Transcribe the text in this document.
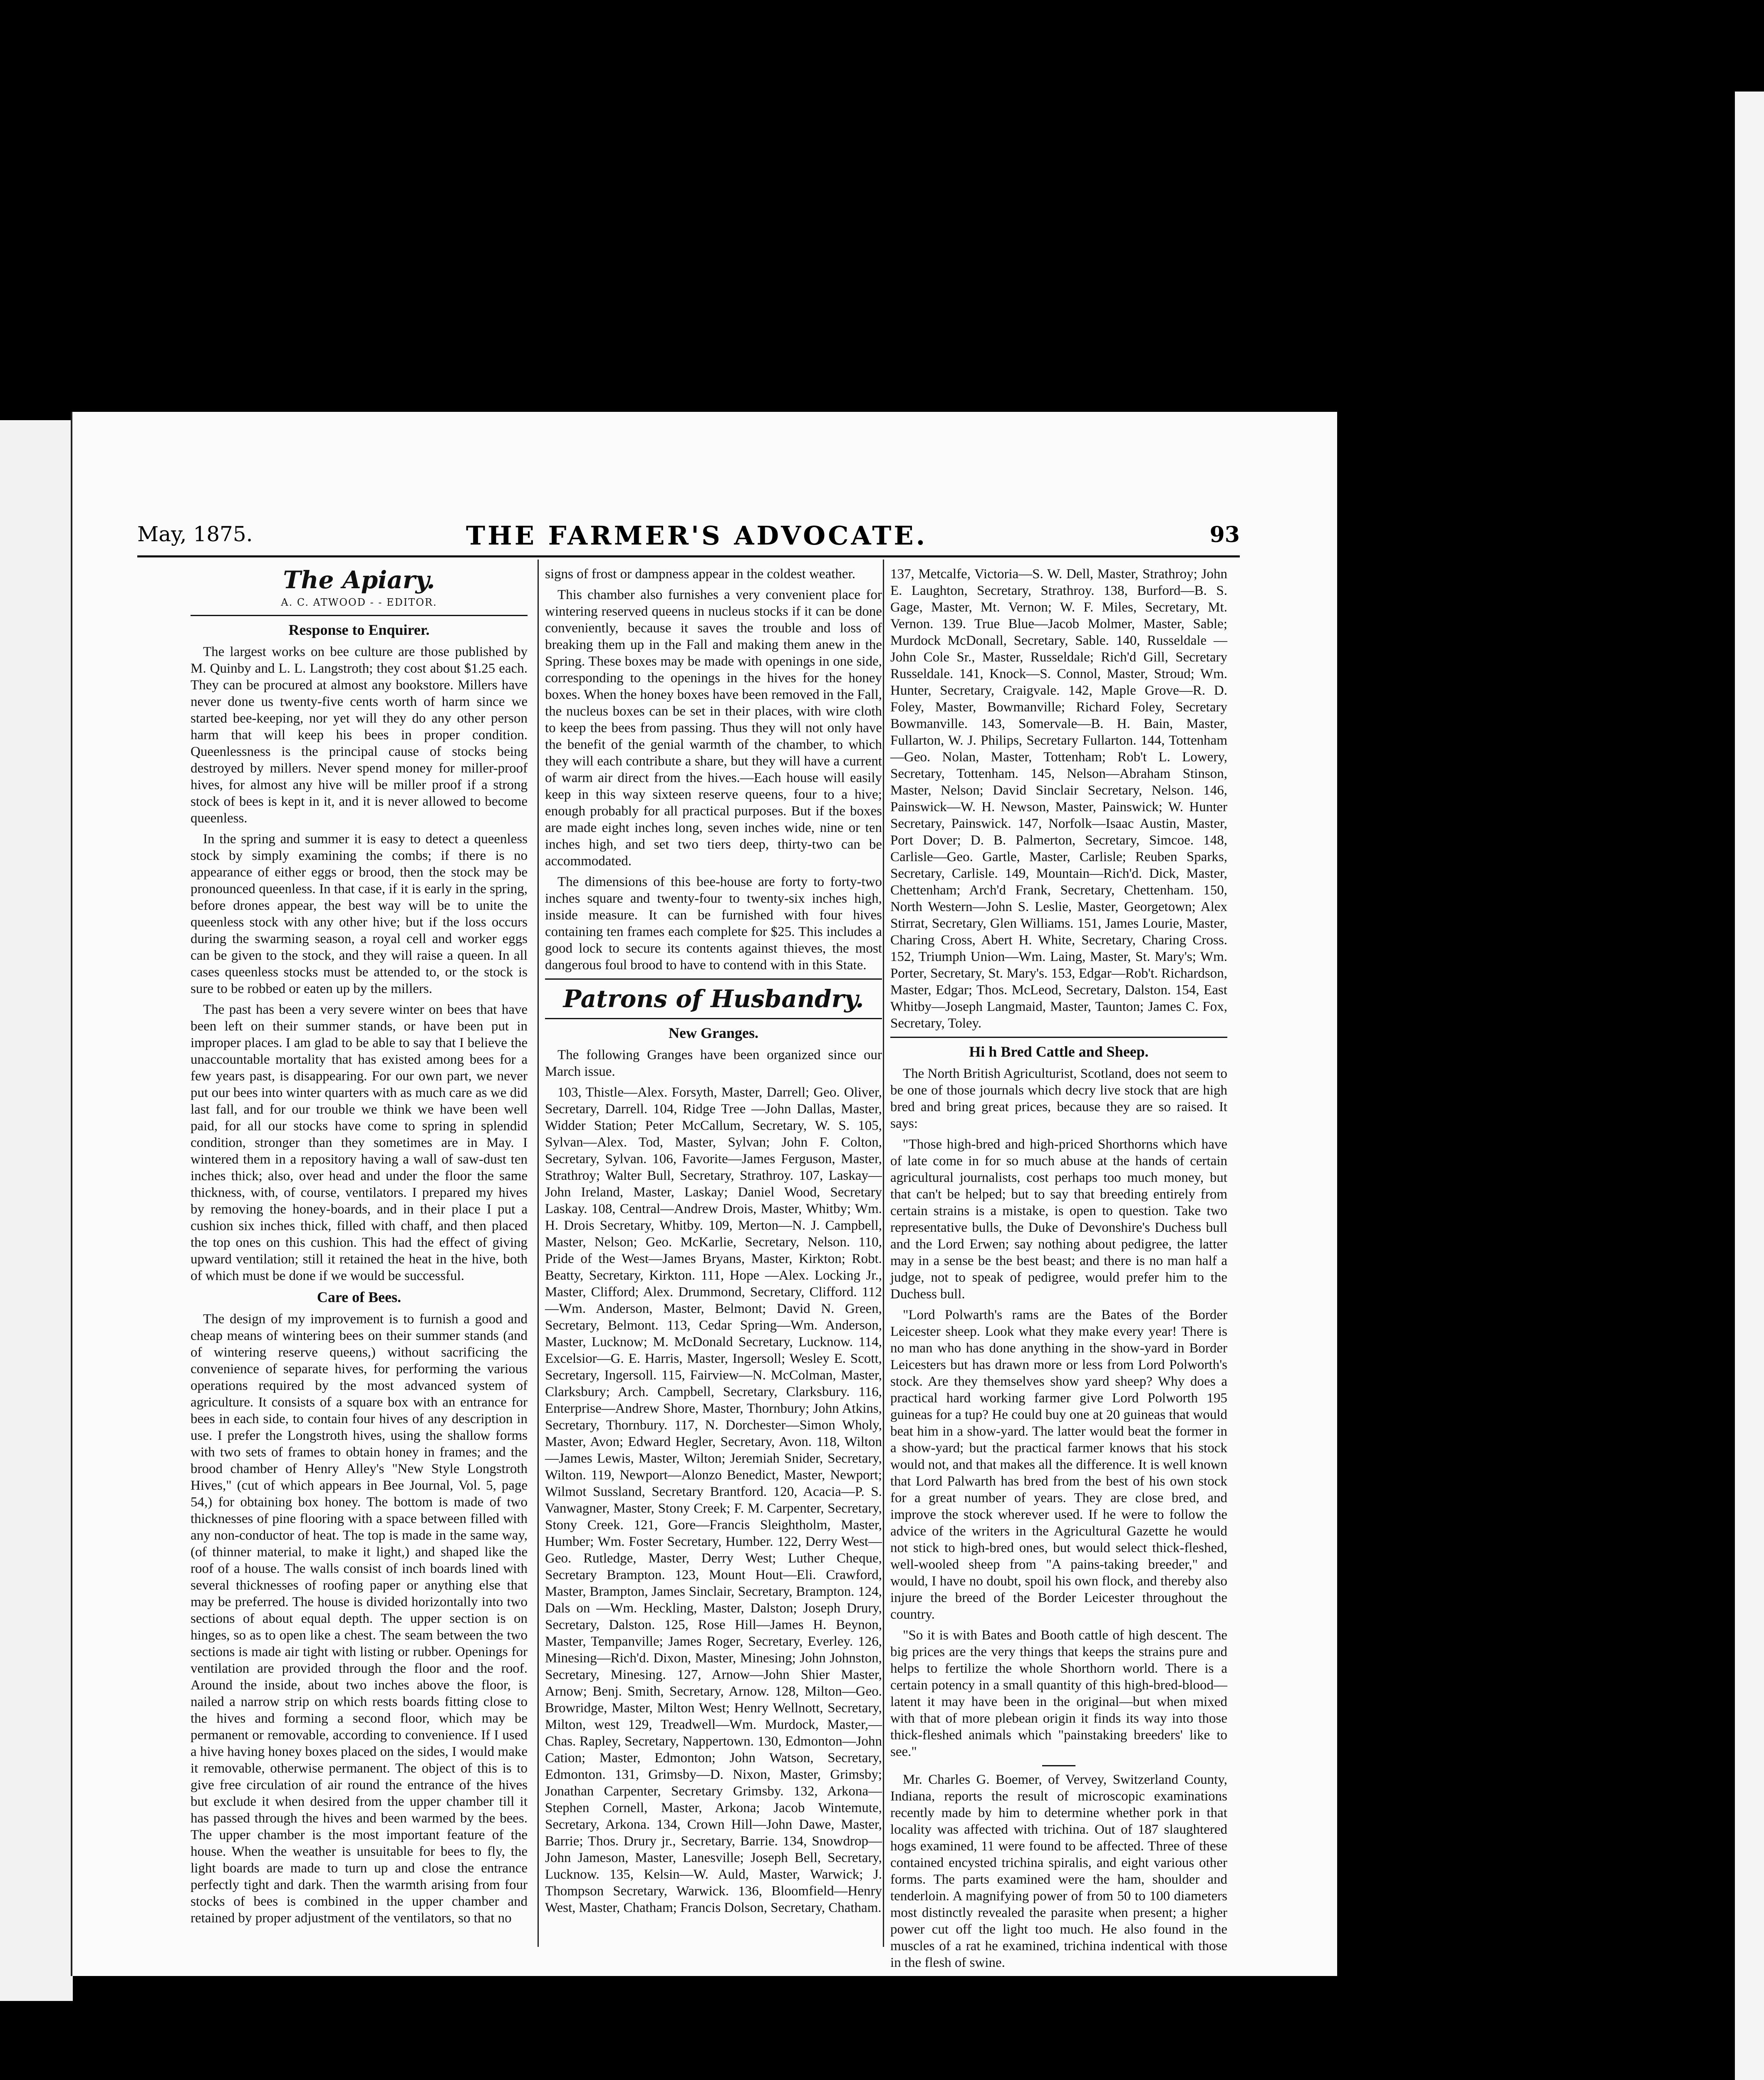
May, 1875.	THE FARMER'S ADVOCATE.	93
The Apiary.
A. C. ATWOOD - - EDITOR.
Response to Enquirer.

The largest works on bee culture are those published by M. Quinby and L. L. Langstroth; they cost about $1.25 each. They can be procured at almost any bookstore. Millers have never done us twenty-five cents worth of harm since we started bee-keeping, nor yet will they do any other person harm that will keep his bees in proper condition. Queenlessness is the principal cause of stocks being destroyed by millers. Never spend money for miller-proof hives, for almost any hive will be miller proof if a strong stock of bees is kept in it, and it is never allowed to become queenless.

In the spring and summer it is easy to detect a queenless stock by simply examining the combs; if there is no appearance of either eggs or brood, then the stock may be pronounced queenless. In that case, if it is early in the spring, before drones appear, the best way will be to unite the queenless stock with any other hive; but if the loss occurs during the swarming season, a royal cell and worker eggs can be given to the stock, and they will raise a queen. In all cases queenless stocks must be attended to, or the stock is sure to be robbed or eaten up by the millers.

The past has been a very severe winter on bees that have been left on their summer stands, or have been put in improper places. I am glad to be able to say that I believe the unaccountable mortality that has existed among bees for a few years past, is disappearing. For our own part, we never put our bees into winter quarters with as much care as we did last fall, and for our trouble we think we have been well paid, for all our stocks have come to spring in splendid condition, stronger than they sometimes are in May. I wintered them in a repository having a wall of saw-dust ten inches thick; also, over head and under the floor the same thickness, with, of course, ventilators. I prepared my hives by removing the honey-boards, and in their place I put a cushion six inches thick, filled with chaff, and then placed the top ones on this cushion. This had the effect of giving upward ventilation; still it retained the heat in the hive, both of which must be done if we would be successful.

Care of Bees.

The design of my improvement is to furnish a good and cheap means of wintering bees on their summer stands (and of wintering reserve queens,) without sacrificing the convenience of separate hives, for performing the various operations required by the most advanced system of agriculture. It consists of a square box with an entrance for bees in each side, to contain four hives of any description in use. I prefer the Longstroth hives, using the shallow forms with two sets of frames to obtain honey in frames; and the brood chamber of Henry Alley's "New Style Longstroth Hives," (cut of which appears in Bee Journal, Vol. 5, page 54,) for obtaining box honey. The bottom is made of two thicknesses of pine flooring with a space between filled with any non-conductor of heat. The top is made in the same way, (of thinner material, to make it light,) and shaped like the roof of a house. The walls consist of inch boards lined with several thicknesses of roofing paper or anything else that may be preferred. The house is divided horizontally into two sections of about equal depth. The upper section is on hinges, so as to open like a chest. The seam between the two sections is made air tight with listing or rubber. Openings for ventilation are provided through the floor and the roof. Around the inside, about two inches above the floor, is nailed a narrow strip on which rests boards fitting close to the hives and forming a second floor, which may be permanent or removable, according to convenience. If I used a hive having honey boxes placed on the sides, I would make it removable, otherwise permanent. The object of this is to give free circulation of air round the entrance of the hives but exclude it when desired from the upper chamber till it has passed through the hives and been warmed by the bees. The upper chamber is the most important feature of the house. When the weather is unsuitable for bees to fly, the light boards are made to turn up and close the entrance perfectly tight and dark. Then the warmth arising from four stocks of bees is combined in the upper chamber and retained by proper adjustment of the ventilators, so that no

signs of frost or dampness appear in the coldest weather.

This chamber also furnishes a very convenient place for wintering reserved queens in nucleus stocks if it can be done conveniently, because it saves the trouble and loss of breaking them up in the Fall and making them anew in the Spring. These boxes may be made with openings in one side, corresponding to the openings in the hives for the honey boxes. When the honey boxes have been removed in the Fall, the nucleus boxes can be set in their places, with wire cloth to keep the bees from passing. Thus they will not only have the benefit of the genial warmth of the chamber, to which they will each contribute a share, but they will have a current of warm air direct from the hives.—Each house will easily keep in this way sixteen reserve queens, four to a hive; enough probably for all practical purposes. But if the boxes are made eight inches long, seven inches wide, nine or ten inches high, and set two tiers deep, thirty-two can be accommodated.

The dimensions of this bee-house are forty to forty-two inches square and twenty-four to twenty-six inches high, inside measure. It can be furnished with four hives containing ten frames each complete for $25. This includes a good lock to secure its contents against thieves, the most dangerous foul brood to have to contend with in this State.

Patrons of Husbandry.
New Granges.

The following Granges have been organized since our March issue.

103, Thistle—Alex. Forsyth, Master, Darrell; Geo. Oliver, Secretary, Darrell. 104, Ridge Tree —John Dallas, Master, Widder Station; Peter McCallum, Secretary, W. S. 105, Sylvan—Alex. Tod, Master, Sylvan; John F. Colton, Secretary, Sylvan. 106, Favorite—James Ferguson, Master, Strathroy; Walter Bull, Secretary, Strathroy. 107, Laskay—John Ireland, Master, Laskay; Daniel Wood, Secretary Laskay. 108, Central—Andrew Drois, Master, Whitby; Wm. H. Drois Secretary, Whitby. 109, Merton—N. J. Campbell, Master, Nelson; Geo. McKarlie, Secretary, Nelson. 110, Pride of the West—James Bryans, Master, Kirkton; Robt. Beatty, Secretary, Kirkton. 111, Hope —Alex. Locking Jr., Master, Clifford; Alex. Drummond, Secretary, Clifford. 112—Wm. Anderson, Master, Belmont; David N. Green, Secretary, Belmont. 113, Cedar Spring—Wm. Anderson, Master, Lucknow; M. McDonald Secretary, Lucknow. 114, Excelsior—G. E. Harris, Master, Ingersoll; Wesley E. Scott, Secretary, Ingersoll. 115, Fairview—N. McColman, Master, Clarksbury; Arch. Campbell, Secretary, Clarksbury. 116, Enterprise—Andrew Shore, Master, Thornbury; John Atkins, Secretary, Thornbury. 117, N. Dorchester—Simon Wholy, Master, Avon; Edward Hegler, Secretary, Avon. 118, Wilton—James Lewis, Master, Wilton; Jeremiah Snider, Secretary, Wilton. 119, Newport—Alonzo Benedict, Master, Newport; Wilmot Sussland, Secretary Brantford. 120, Acacia—P. S. Vanwagner, Master, Stony Creek; F. M. Carpenter, Secretary, Stony Creek. 121, Gore—Francis Sleightholm, Master, Humber; Wm. Foster Secretary, Humber. 122, Derry West—Geo. Rutledge, Master, Derry West; Luther Cheque, Secretary Brampton. 123, Mount Hout—Eli. Crawford, Master, Brampton, James Sinclair, Secretary, Brampton. 124, Dals on —Wm. Heckling, Master, Dalston; Joseph Drury, Secretary, Dalston. 125, Rose Hill—James H. Beynon, Master, Tempanville; James Roger, Secretary, Everley. 126, Minesing—Rich'd. Dixon, Master, Minesing; John Johnston, Secretary, Minesing. 127, Arnow—John Shier Master, Arnow; Benj. Smith, Secretary, Arnow. 128, Milton—Geo. Browridge, Master, Milton West; Henry Wellnott, Secretary, Milton, west 129, Treadwell—Wm. Murdock, Master,—Chas. Rapley, Secretary, Nappertown. 130, Edmonton—John Cation; Master, Edmonton; John Watson, Secretary, Edmonton. 131, Grimsby—D. Nixon, Master, Grimsby; Jonathan Carpenter, Secretary Grimsby. 132, Arkona—Stephen Cornell, Master, Arkona; Jacob Wintemute, Secretary, Arkona. 134, Crown Hill—John Dawe, Master, Barrie; Thos. Drury jr., Secretary, Barrie. 134, Snowdrop—John Jameson, Master, Lanesville; Joseph Bell, Secretary, Lucknow. 135, Kelsin—W. Auld, Master, Warwick; J. Thompson Secretary, Warwick. 136, Bloomfield—Henry West, Master, Chatham; Francis Dolson, Secretary, Chatham.

137, Metcalfe, Victoria—S. W. Dell, Master, Strathroy; John E. Laughton, Secretary, Strathroy. 138, Burford—B. S. Gage, Master, Mt. Vernon; W. F. Miles, Secretary, Mt. Vernon. 139. True Blue—Jacob Molmer, Master, Sable; Murdock McDonall, Secretary, Sable. 140, Russeldale —John Cole Sr., Master, Russeldale; Rich'd Gill, Secretary Russeldale. 141, Knock—S. Connol, Master, Stroud; Wm. Hunter, Secretary, Craigvale. 142, Maple Grove—R. D. Foley, Master, Bowmanville; Richard Foley, Secretary Bowmanville. 143, Somervale—B. H. Bain, Master, Fullarton, W. J. Philips, Secretary Fullarton. 144, Tottenham—Geo. Nolan, Master, Tottenham; Rob't L. Lowery, Secretary, Tottenham. 145, Nelson—Abraham Stinson, Master, Nelson; David Sinclair Secretary, Nelson. 146, Painswick—W. H. Newson, Master, Painswick; W. Hunter Secretary, Painswick. 147, Norfolk—Isaac Austin, Master, Port Dover; D. B. Palmerton, Secretary, Simcoe. 148, Carlisle—Geo. Gartle, Master, Carlisle; Reuben Sparks, Secretary, Carlisle. 149, Mountain—Rich'd. Dick, Master, Chettenham; Arch'd Frank, Secretary, Chettenham. 150, North Western—John S. Leslie, Master, Georgetown; Alex Stirrat, Secretary, Glen Williams. 151, James Lourie, Master, Charing Cross, Abert H. White, Secretary, Charing Cross. 152, Triumph Union—Wm. Laing, Master, St. Mary's; Wm. Porter, Secretary, St. Mary's. 153, Edgar—Rob't. Richardson, Master, Edgar; Thos. McLeod, Secretary, Dalston. 154, East Whitby—Joseph Langmaid, Master, Taunton; James C. Fox, Secretary, Toley.

Hi h Bred Cattle and Sheep.

The North British Agriculturist, Scotland, does not seem to be one of those journals which decry live stock that are high bred and bring great prices, because they are so raised. It says:

"Those high-bred and high-priced Shorthorns which have of late come in for so much abuse at the hands of certain agricultural journalists, cost perhaps too much money, but that can't be helped; but to say that breeding entirely from certain strains is a mistake, is open to question. Take two representative bulls, the Duke of Devonshire's Duchess bull and the Lord Erwen; say nothing about pedigree, the latter may in a sense be the best beast; and there is no man half a judge, not to speak of pedigree, would prefer him to the Duchess bull.

"Lord Polwarth's rams are the Bates of the Border Leicester sheep. Look what they make every year! There is no man who has done anything in the show-yard in Border Leicesters but has drawn more or less from Lord Polworth's stock. Are they themselves show yard sheep? Why does a practical hard working farmer give Lord Polworth 195 guineas for a tup? He could buy one at 20 guineas that would beat him in a show-yard. The latter would beat the former in a show-yard; but the practical farmer knows that his stock would not, and that makes all the difference. It is well known that Lord Palwarth has bred from the best of his own stock for a great number of years. They are close bred, and improve the stock wherever used. If he were to follow the advice of the writers in the Agricultural Gazette he would not stick to high-bred ones, but would select thick-fleshed, well-wooled sheep from "A pains-taking breeder," and would, I have no doubt, spoil his own flock, and thereby also injure the breed of the Border Leicester throughout the country.

"So it is with Bates and Booth cattle of high descent. The big prices are the very things that keeps the strains pure and helps to fertilize the whole Shorthorn world. There is a certain potency in a small quantity of this high-bred-blood—latent it may have been in the original—but when mixed with that of more plebean origin it finds its way into those thick-fleshed animals which "painstaking breeders' like to see."

Mr. Charles G. Boemer, of Vervey, Switzerland County, Indiana, reports the result of microscopic examinations recently made by him to determine whether pork in that locality was affected with trichina. Out of 187 slaughtered hogs examined, 11 were found to be affected. Three of these contained encysted trichina spiralis, and eight various other forms. The parts examined were the ham, shoulder and tenderloin. A magnifying power of from 50 to 100 diameters most distinctly revealed the parasite when present; a higher power cut off the light too much. He also found in the muscles of a rat he examined, trichina indentical with those in the flesh of swine.
